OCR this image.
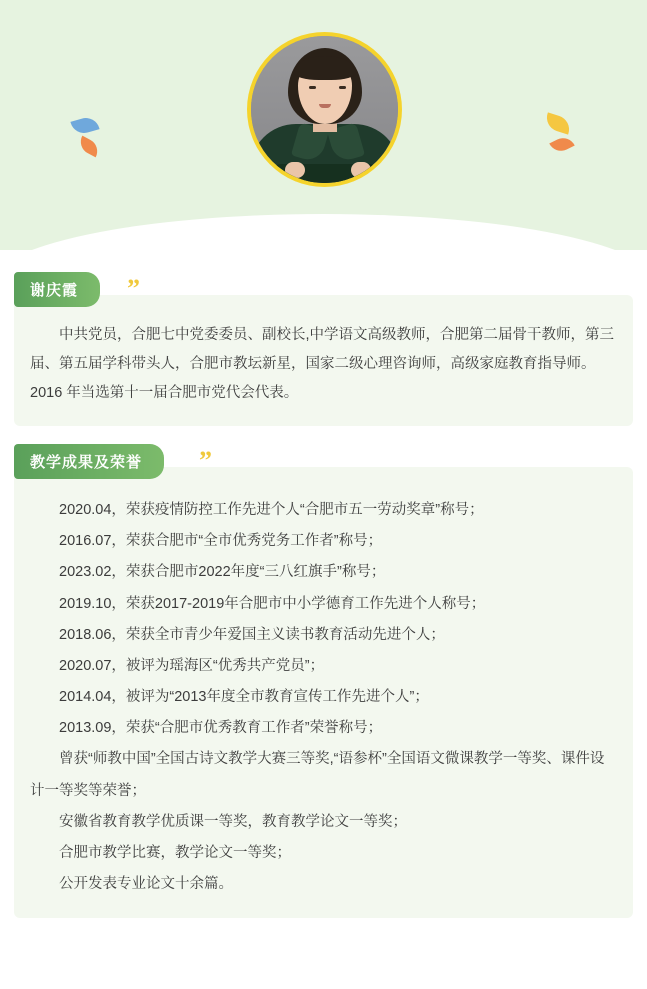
谢庆霞 ”

中共党员，合肥七中党委委员、副校长,中学语文高级教师，合肥第二届骨干教师，第三届、第五届学科带头人，合肥市教坛新星，国家二级心理咨询师，高级家庭教育指导师。2016 年当选第十一届合肥市党代会代表。

教学成果及荣誉 ”
2020.04，荣获疫情防控工作先进个人“合肥市五一劳动奖章”称号；
2016.07，荣获合肥市“全市优秀党务工作者”称号；
2023.02，荣获合肥市2022年度“三八红旗手”称号；
2019.10，荣获2017-2019年合肥市中小学德育工作先进个人称号；
2018.06，荣获全市青少年爱国主义读书教育活动先进个人；
2020.07，被评为瑶海区“优秀共产党员”；
2014.04，被评为“2013年度全市教育宣传工作先进个人”；
2013.09，荣获“合肥市优秀教育工作者”荣誉称号；
曾获“师教中国”全国古诗文教学大赛三等奖,“语参杯”全国语文微课教学一等奖、课件设计一等奖等荣誉；
安徽省教育教学优质课一等奖，教育教学论文一等奖；
合肥市教学比赛，教学论文一等奖；
公开发表专业论文十余篇。
